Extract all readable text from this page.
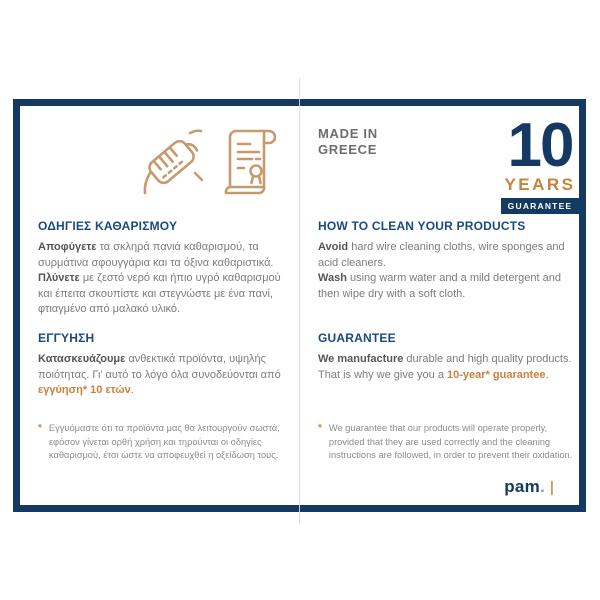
MADE IN
GREECE 10
YEARS
GUARANTEE
ΟΔΗΓΙΕΣ ΚΑΘΑΡΙΣΜΟΥ
Αποφύγετε τα σκληρά πανιά καθαρισμού, τα συρμάτινα σφουγγάρια και τα όξινα καθαριστικά.
Πλύνετε με ζεστό νερό και ήπιο υγρό καθαρισμού και έπειτα σκουπίστε και στεγνώστε με ένα πανί, φτιαγμένο από μαλακό υλικό.
ΕΓΓΥΗΣΗ
Κατασκευάζουμε ανθεκτικά προϊόντα, υψηλής ποιότητας. Γι’ αυτό το λόγο όλα συνοδεύονται από εγγύηση* 10 ετών.
* Εγγυόμαστε ότι τα προϊόντα μας θα λειτουργούν σωστά, εφόσον γίνεται ορθή χρήση και τηρούνται οι οδηγίες καθαρισμού, έτσι ώστε να αποφευχθεί η οξείδωση τους.
HOW TO CLEAN YOUR PRODUCTS
Avoid hard wire cleaning cloths, wire sponges and acid cleaners.
Wash using warm water and a mild detergent and then wipe dry with a soft cloth.
GUARANTEE
We manufacture durable and high quality products. That is why we give you a 10-year* guarantee.
* We guarantee that our products will operate properly, provided that they are used correctly and the cleaning instructions are followed, in order to prevent their oxidation.
pam . |
